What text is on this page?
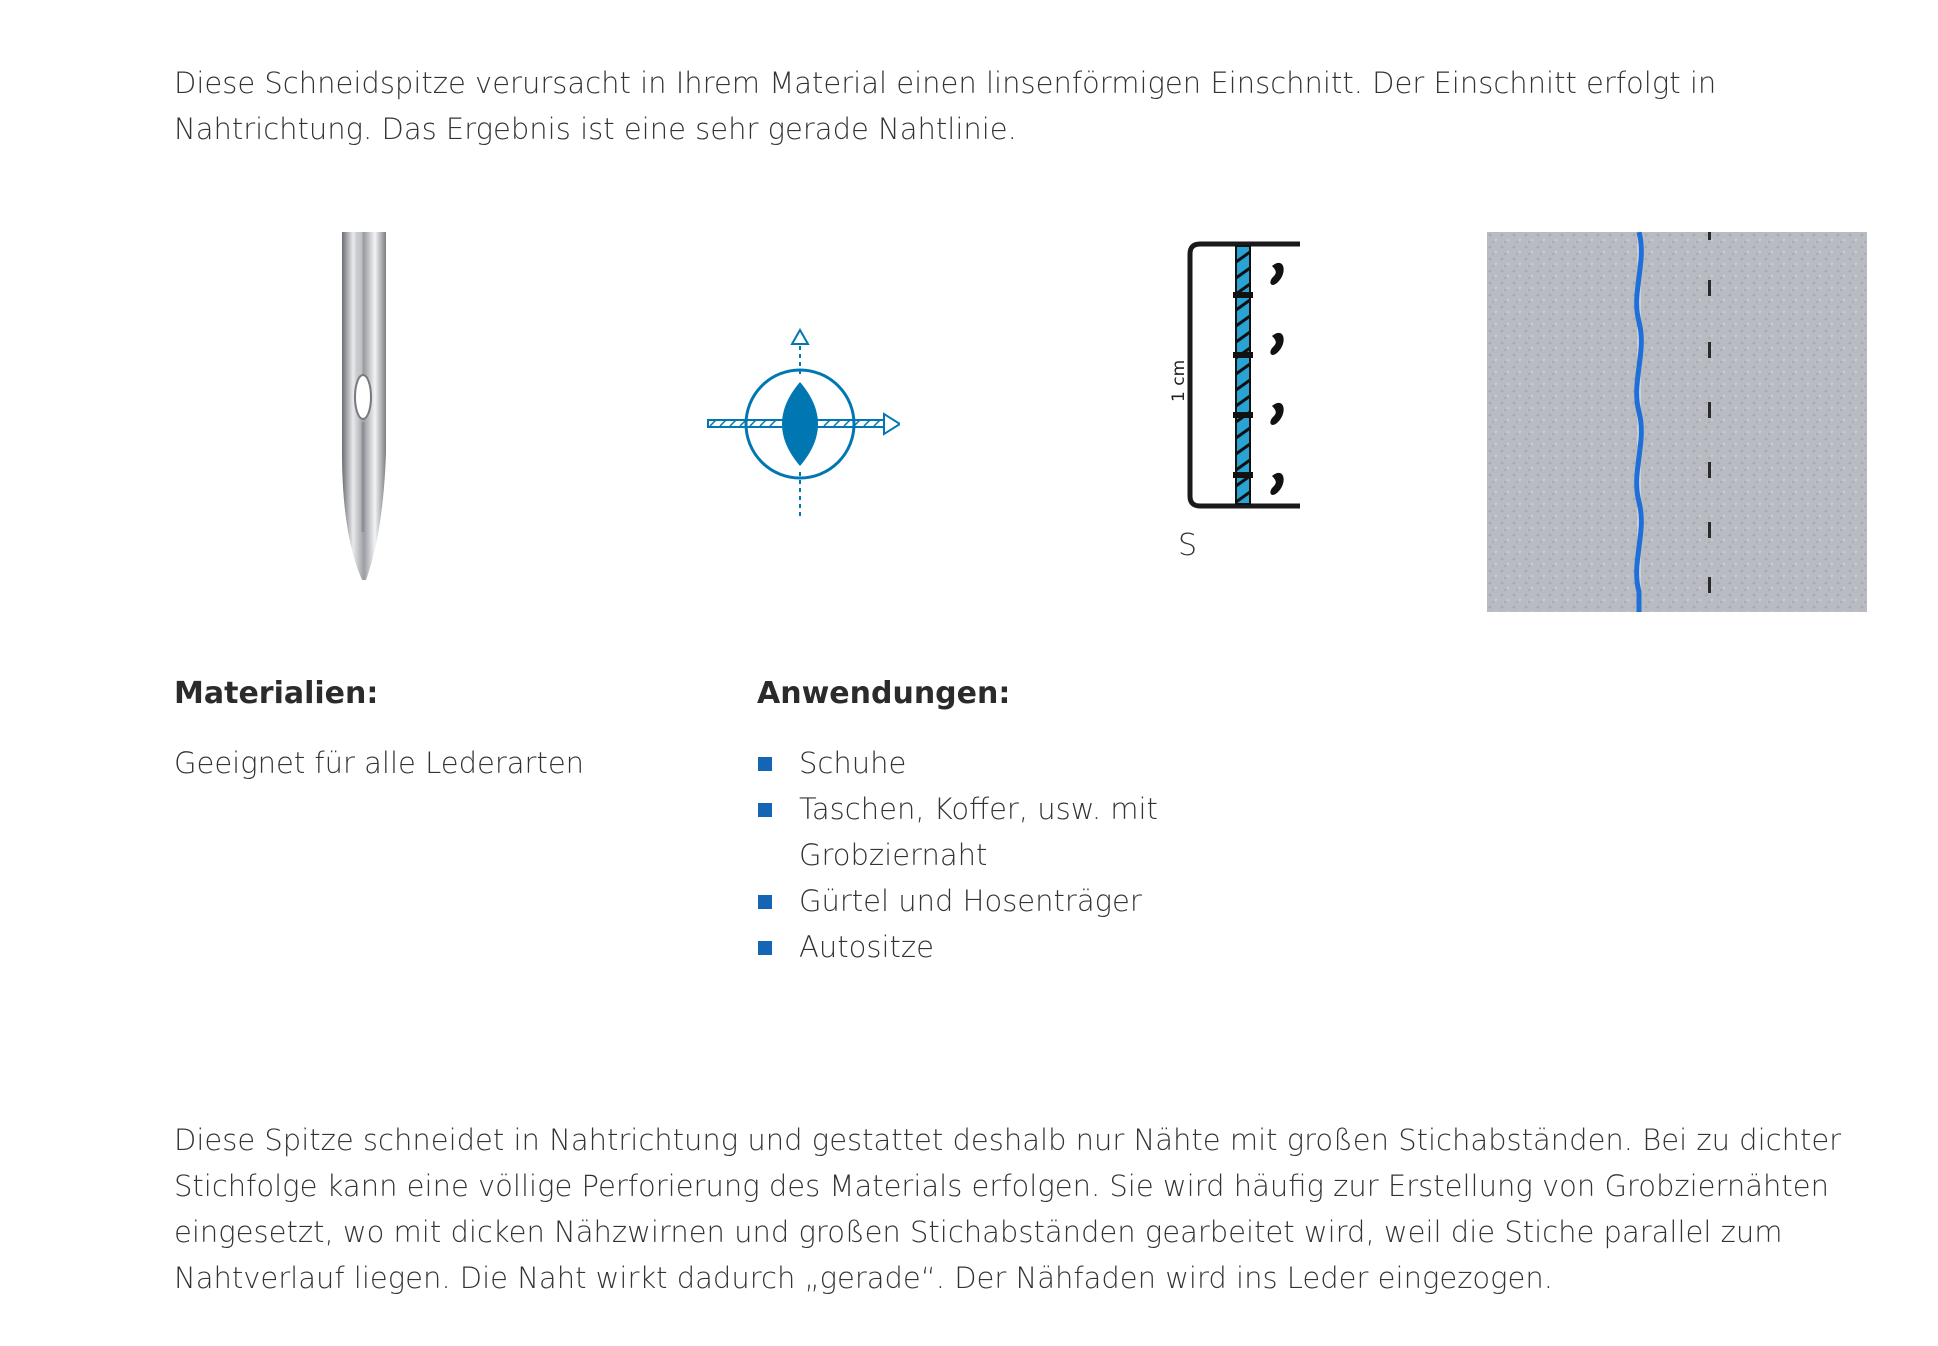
Diese Schneidspitze verursacht in Ihrem Material einen linsenförmigen Einschnitt. Der Einschnitt erfolgt in Nahtrichtung. Das Ergebnis ist eine sehr gerade Nahtlinie.

1 cm

S

Materialien:

Geeignet für alle Lederarten

Anwendungen:
Schuhe
Taschen, Koffer, usw. mit Grobziernaht
Gürtel und Hosenträger
Autositze

Diese Spitze schneidet in Nahtrichtung und gestattet deshalb nur Nähte mit großen Stichabständen. Bei zu dichter Stichfolge kann eine völlige Perforierung des Materials erfolgen. Sie wird häufig zur Erstellung von Grobziernähten eingesetzt, wo mit dicken Nähzwirnen und großen Stichabständen gearbeitet wird, weil die Stiche parallel zum Nahtverlauf liegen. Die Naht wirkt dadurch „gerade“. Der Nähfaden wird ins Leder eingezogen.
